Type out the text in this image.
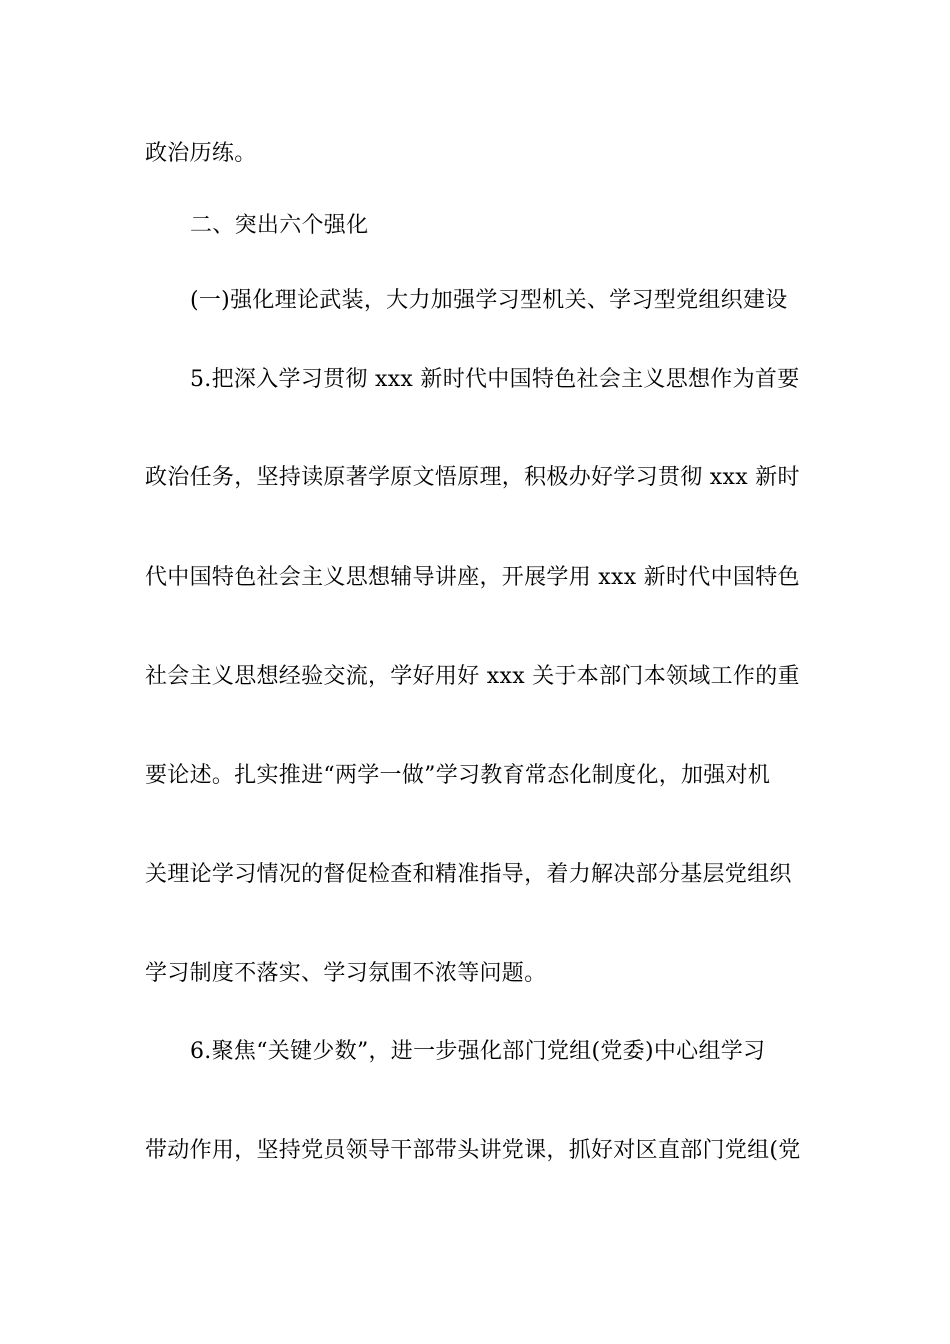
政治历练。
二、突出六个强化
(一)强化理论武装，大力加强学习型机关、学习型党组织建设
5.把深入学习贯彻 xxx 新时代中国特色社会主义思想作为首要
政治任务，坚持读原著学原文悟原理，积极办好学习贯彻 xxx 新时
代中国特色社会主义思想辅导讲座，开展学用 xxx 新时代中国特色
社会主义思想经验交流，学好用好 xxx 关于本部门本领域工作的重
要论述。扎实推进“两学一做”学习教育常态化制度化，加强对机
关理论学习情况的督促检查和精准指导，着力解决部分基层党组织
学习制度不落实、学习氛围不浓等问题。
6.聚焦“关键少数”，进一步强化部门党组(党委)中心组学习
带动作用，坚持党员领导干部带头讲党课，抓好对区直部门党组(党
